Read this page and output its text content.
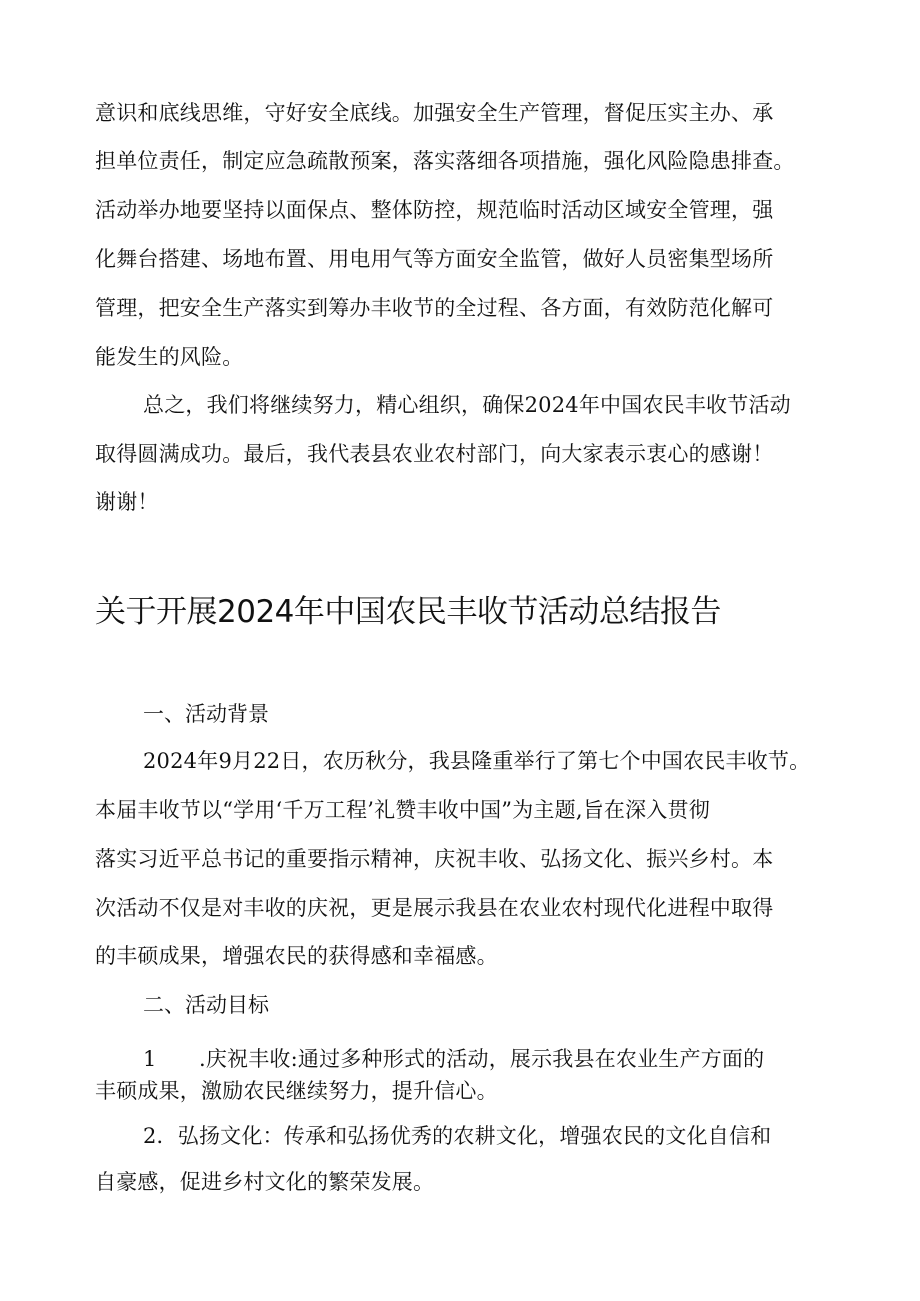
意识和底线思维，守好安全底线。加强安全生产管理，督促压实主办、承
担单位责任，制定应急疏散预案，落实落细各项措施，强化风险隐患排查。
活动举办地要坚持以面保点、整体防控，规范临时活动区域安全管理，强
化舞台搭建、场地布置、用电用气等方面安全监管，做好人员密集型场所
管理，把安全生产落实到筹办丰收节的全过程、各方面，有效防范化解可
能发生的风险。
总之，我们将继续努力，精心组织，确保2024年中国农民丰收节活动
取得圆满成功。最后，我代表县农业农村部门，向大家表示衷心的感谢！
谢谢！
关于开展2024年中国农民丰收节活动总结报告
一、活动背景
2024年9月22日，农历秋分，我县隆重举行了第七个中国农民丰收节。
本届丰收节以“学用‘千万工程’礼赞丰收中国”为主题,旨在深入贯彻
落实习近平总书记的重要指示精神，庆祝丰收、弘扬文化、振兴乡村。本
次活动不仅是对丰收的庆祝，更是展示我县在农业农村现代化进程中取得
的丰硕成果，增强农民的获得感和幸福感。
二、活动目标
1　　.庆祝丰收:通过多种形式的活动，展示我县在农业生产方面的
丰硕成果，激励农民继续努力，提升信心。
2．弘扬文化：传承和弘扬优秀的农耕文化，增强农民的文化自信和
自豪感，促进乡村文化的繁荣发展。
